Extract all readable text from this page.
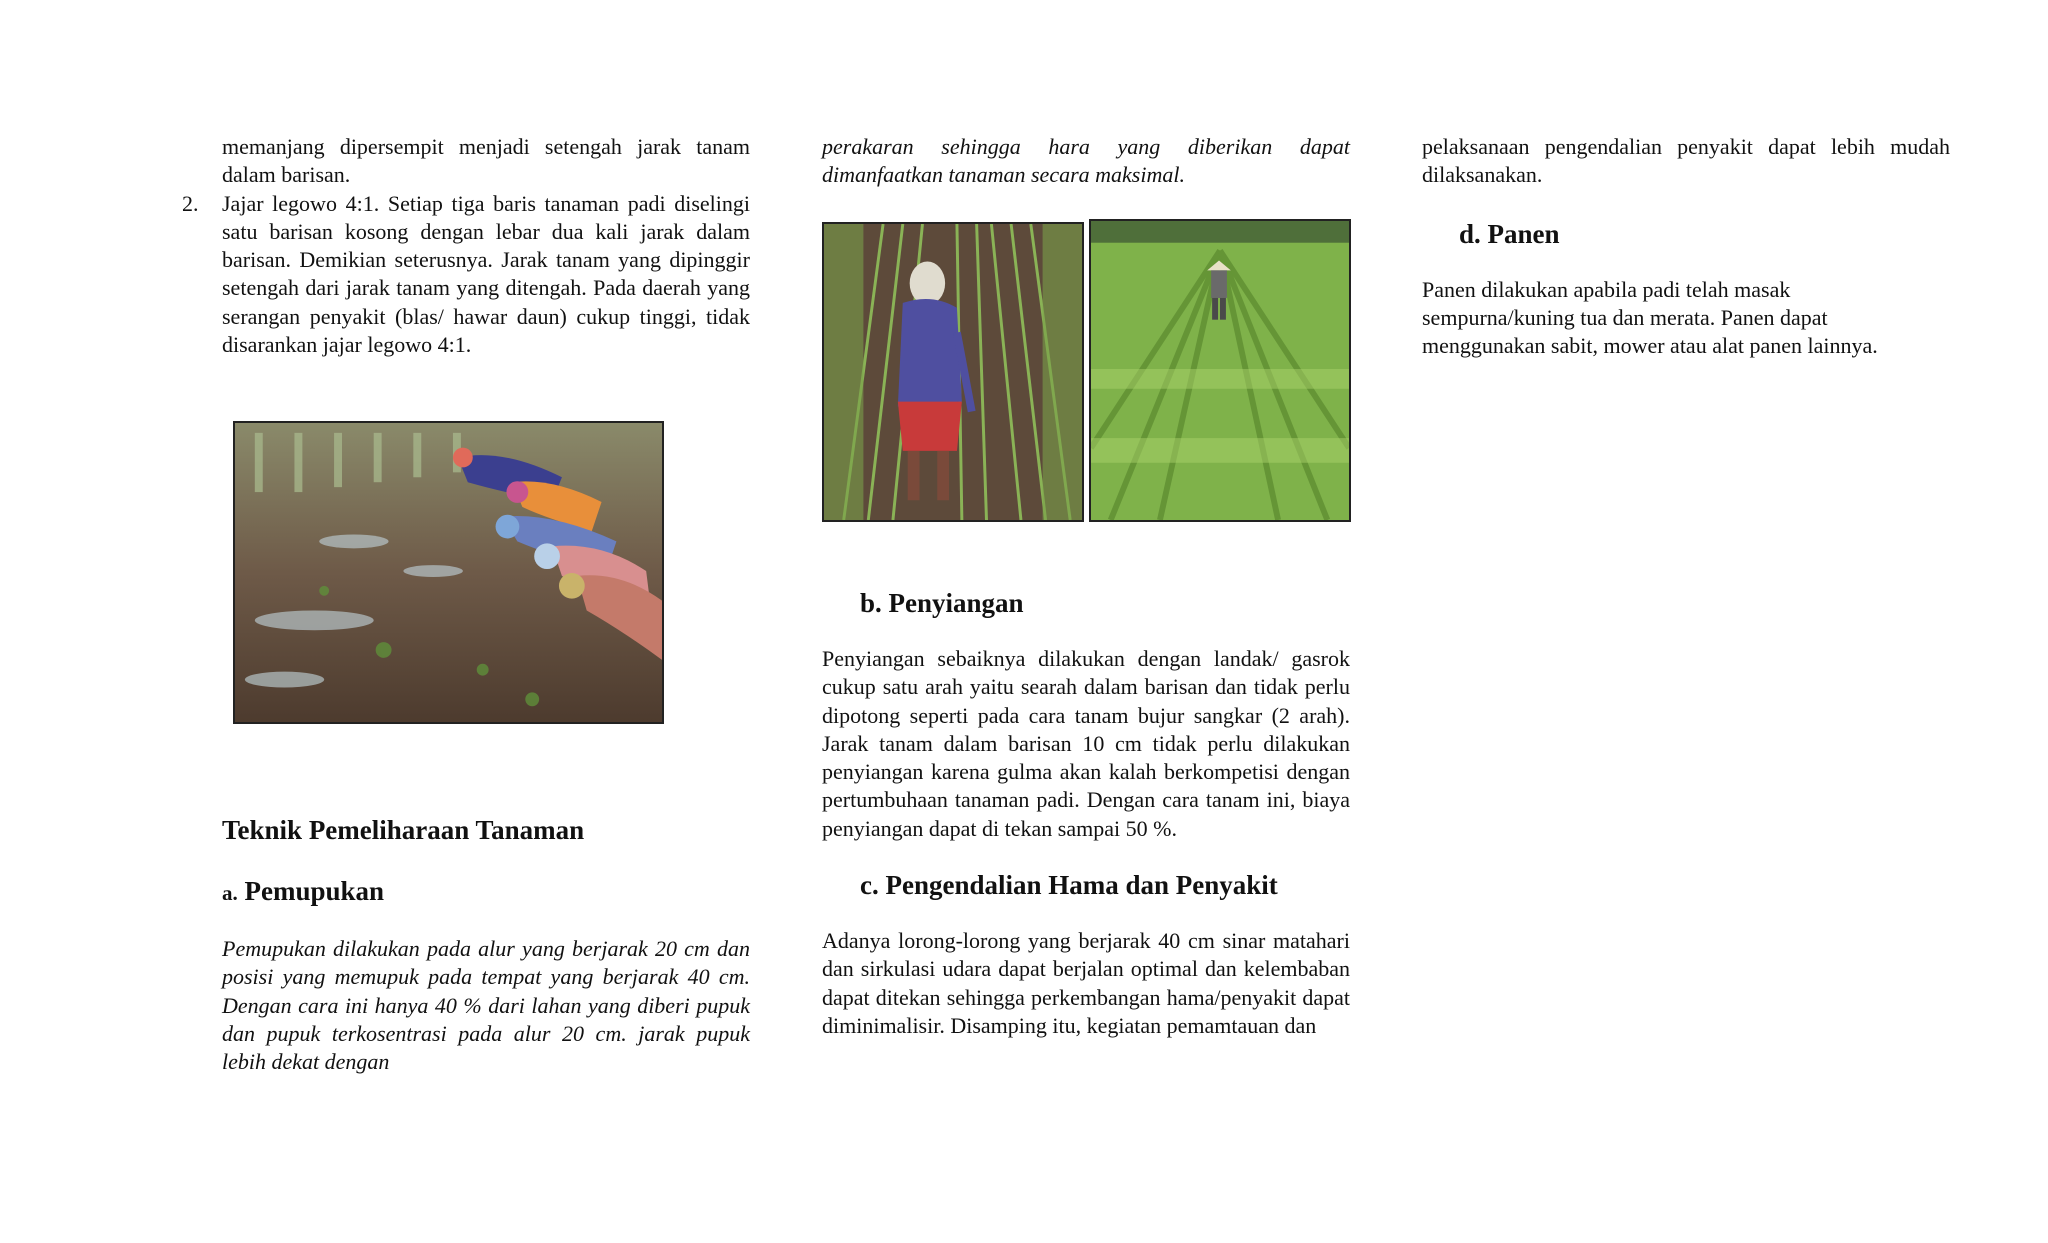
memanjang dipersempit menjadi setengah jarak tanam dalam barisan.

2. Jajar legowo 4:1. Setiap tiga baris tanaman padi diselingi satu barisan kosong dengan lebar dua kali jarak dalam barisan. Demikian seterusnya. Jarak tanam yang dipinggir setengah dari jarak tanam yang ditengah. Pada daerah yang serangan penyakit (blas/ hawar daun) cukup tinggi, tidak disarankan jajar legowo 4:1.

Teknik Pemeliharaan Tanaman
a. Pemupukan

Pemupukan dilakukan pada alur yang berjarak 20 cm dan posisi yang memupuk pada tempat yang berjarak 40 cm. Dengan cara ini hanya 40 % dari lahan yang diberi pupuk dan pupuk terkosentrasi pada alur 20 cm. jarak pupuk lebih dekat dengan

perakaran sehingga hara yang diberikan dapat dimanfaatkan tanaman secara maksimal.

b. Penyiangan

Penyiangan sebaiknya dilakukan dengan landak/ gasrok cukup satu arah yaitu searah dalam barisan dan tidak perlu dipotong seperti pada cara tanam bujur sangkar (2 arah). Jarak tanam dalam barisan 10 cm tidak perlu dilakukan penyiangan karena gulma akan kalah berkompetisi dengan pertumbuhaan tanaman padi. Dengan cara tanam ini, biaya penyiangan dapat di tekan sampai 50 %.

c. Pengendalian Hama dan Penyakit

Adanya lorong-lorong yang berjarak 40 cm sinar matahari dan sirkulasi udara dapat berjalan optimal dan kelembaban dapat ditekan sehingga perkembangan hama/penyakit dapat diminimalisir. Disamping itu, kegiatan pemamtauan dan

pelaksanaan pengendalian penyakit dapat lebih mudah dilaksanakan.

d. Panen

Panen dilakukan apabila padi telah masak sempurna/kuning tua dan merata. Panen dapat menggunakan sabit, mower atau alat panen lainnya.
